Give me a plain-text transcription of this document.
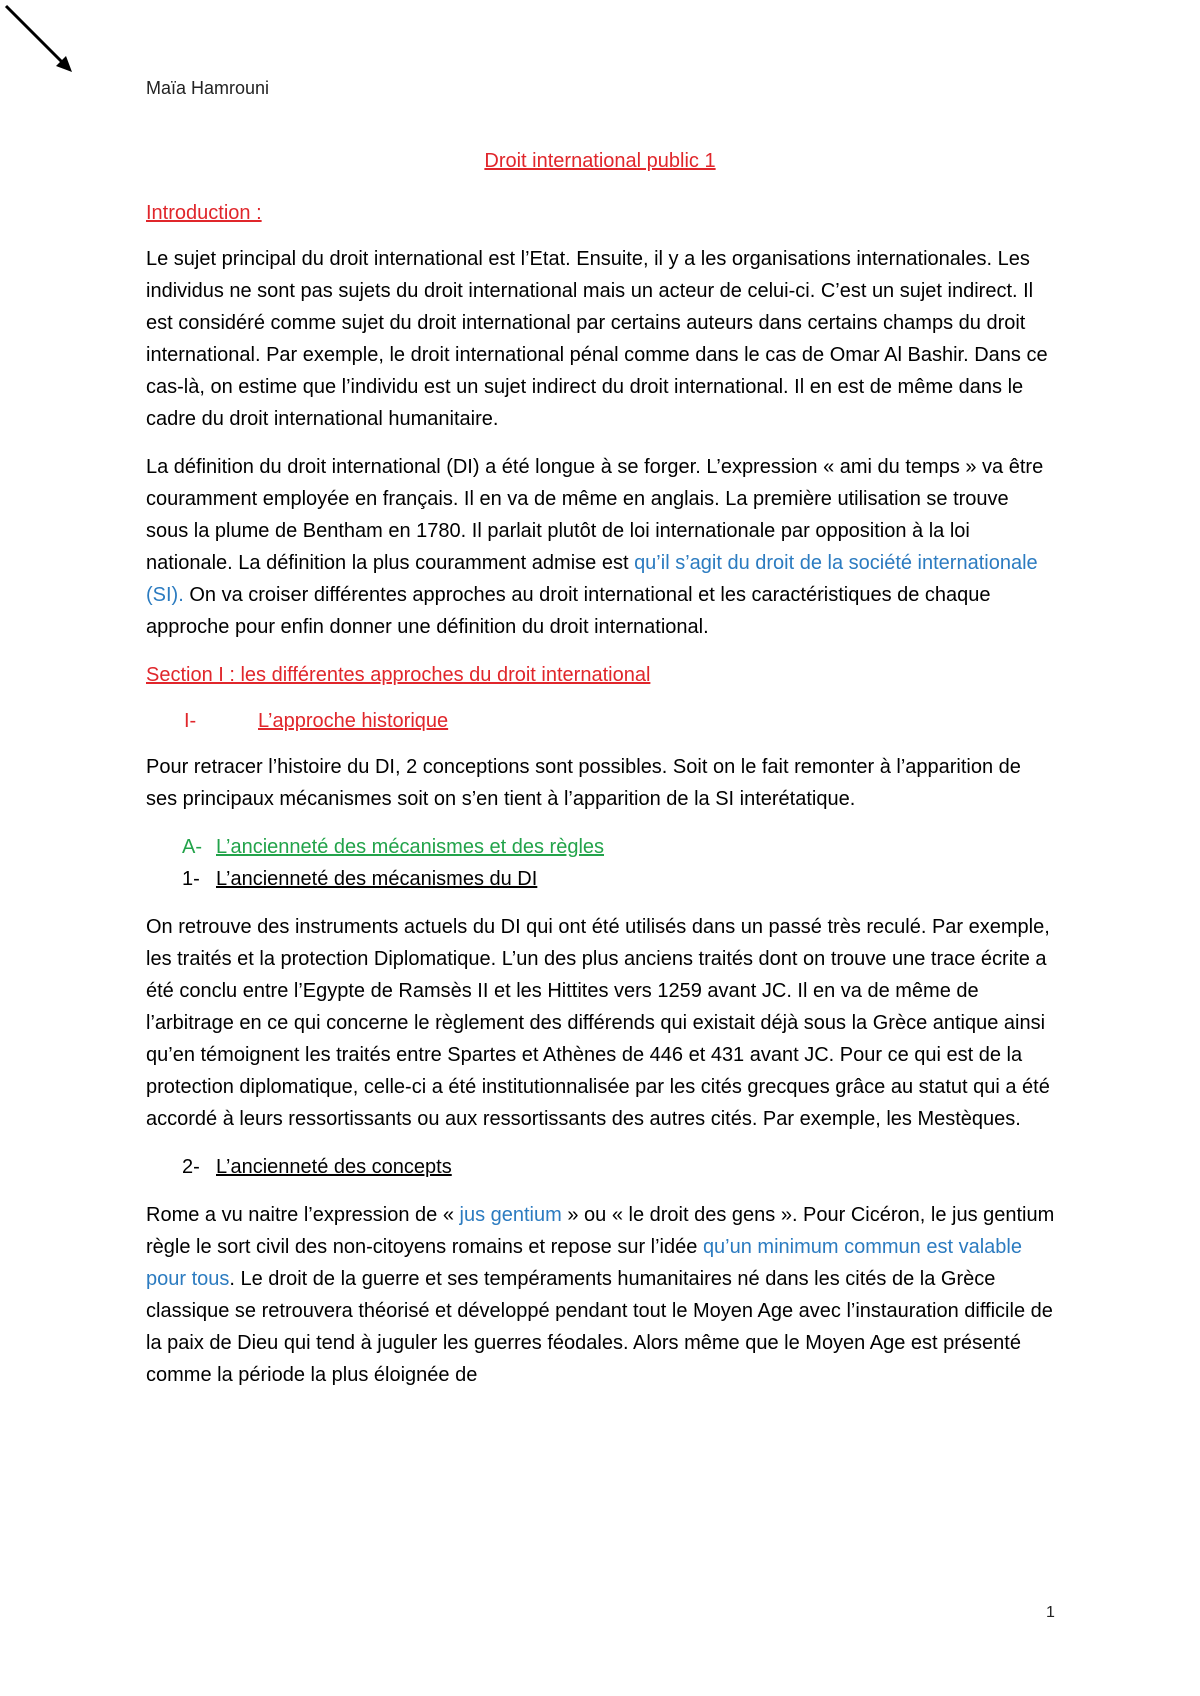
Maïa Hamrouni
Droit international public 1

Introduction :

Le sujet principal du droit international est l’Etat. Ensuite, il y a les organisations internationales. Les individus ne sont pas sujets du droit international mais un acteur de celui-ci. C’est un sujet indirect. Il est considéré comme sujet du droit international par certains auteurs dans certains champs du droit international. Par exemple, le droit international pénal comme dans le cas de Omar Al Bashir. Dans ce cas-là, on estime que l’individu est un sujet indirect du droit international. Il en est de même dans le cadre du droit international humanitaire.

La définition du droit international (DI) a été longue à se forger. L’expression « ami du temps » va être couramment employée en français. Il en va de même en anglais. La première utilisation se trouve sous la plume de Bentham en 1780. Il parlait plutôt de loi internationale par opposition à la loi nationale. La définition la plus couramment admise est qu’il s’agit du droit de la société internationale (SI). On va croiser différentes approches au droit international et les caractéristiques de chaque approche pour enfin donner une définition du droit international.

Section I : les différentes approches du droit international

I-	L’approche historique

Pour retracer l’histoire du DI, 2 conceptions sont possibles. Soit on le fait remonter à l’apparition de ses principaux mécanismes soit on s’en tient à l’apparition de la SI interétatique.

A- L’ancienneté des mécanismes et des règles

1- L’ancienneté des mécanismes du DI

On retrouve des instruments actuels du DI qui ont été utilisés dans un passé très reculé. Par exemple, les traités et la protection Diplomatique. L’un des plus anciens traités dont on trouve une trace écrite a été conclu entre l’Egypte de Ramsès II et les Hittites vers 1259 avant JC. Il en va de même de l’arbitrage en ce qui concerne le règlement des différends qui existait déjà sous la Grèce antique ainsi qu’en témoignent les traités entre Spartes et Athènes de 446 et 431 avant JC. Pour ce qui est de la protection diplomatique, celle-ci a été institutionnalisée par les cités grecques grâce au statut qui a été accordé à leurs ressortissants ou aux ressortissants des autres cités. Par exemple, les Mestèques.

2- L’ancienneté des concepts

Rome a vu naitre l’expression de « jus gentium » ou « le droit des gens ». Pour Cicéron, le jus gentium règle le sort civil des non-citoyens romains et repose sur l’idée qu’un minimum commun est valable pour tous. Le droit de la guerre et ses tempéraments humanitaires né dans les cités de la Grèce classique se retrouvera théorisé et développé pendant tout le Moyen Age avec l’instauration difficile de la paix de Dieu qui tend à juguler les guerres féodales. Alors même que le Moyen Age est présenté comme la période la plus éloignée de

1
